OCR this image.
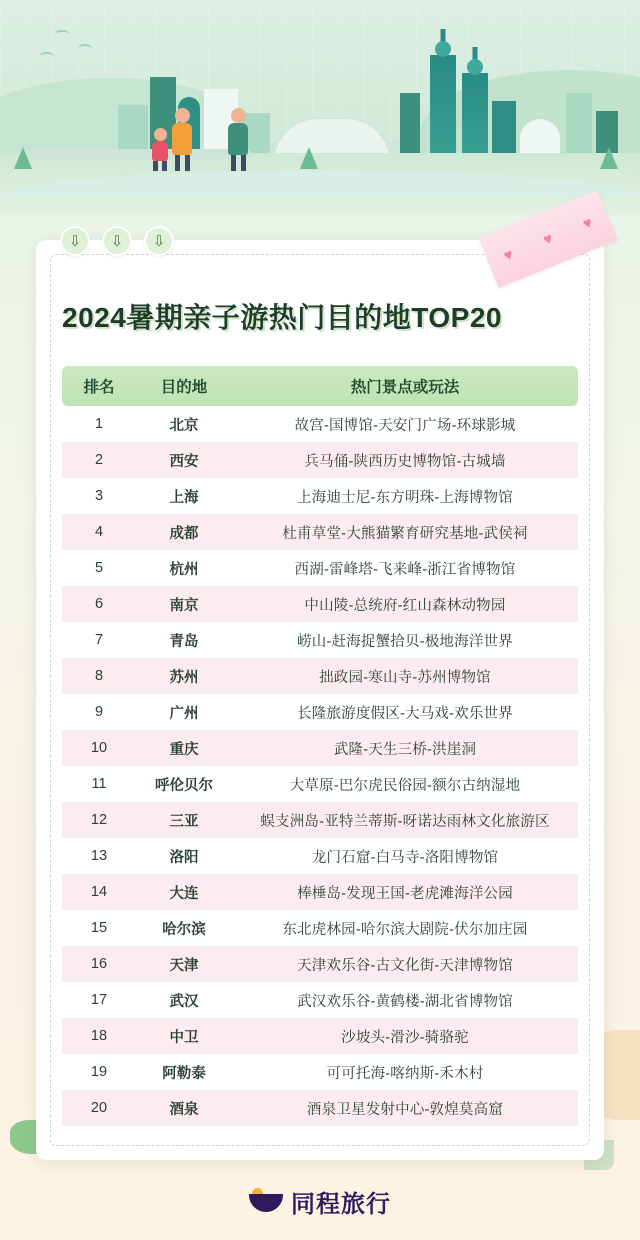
♥
♥
♥
⇩	⇩	⇩
2024暑期亲子游热门目的地TOP20
排名	目的地	热门景点或玩法
1	北京	故宫-国博馆-天安门广场-环球影城
2	西安	兵马俑-陕西历史博物馆-古城墙
3	上海	上海迪士尼-东方明珠-上海博物馆
4	成都	杜甫草堂-大熊猫繁育研究基地-武侯祠
5	杭州	西湖-雷峰塔-飞来峰-浙江省博物馆
6	南京	中山陵-总统府-红山森林动物园
7	青岛	崂山-赶海捉蟹拾贝-极地海洋世界
8	苏州	拙政园-寒山寺-苏州博物馆
9	广州	长隆旅游度假区-大马戏-欢乐世界
10	重庆	武隆-天生三桥-洪崖洞
11	呼伦贝尔	大草原-巴尔虎民俗园-额尔古纳湿地
12	三亚	蜈支洲岛-亚特兰蒂斯-呀诺达雨林文化旅游区
13	洛阳	龙门石窟-白马寺-洛阳博物馆
14	大连	棒棰岛-发现王国-老虎滩海洋公园
15	哈尔滨	东北虎林园-哈尔滨大剧院-伏尔加庄园
16	天津	天津欢乐谷-古文化街-天津博物馆
17	武汉	武汉欢乐谷-黄鹤楼-湖北省博物馆
18	中卫	沙坡头-滑沙-骑骆驼
19	阿勒泰	可可托海-喀纳斯-禾木村
20	酒泉	酒泉卫星发射中心-敦煌莫高窟
同程旅行
